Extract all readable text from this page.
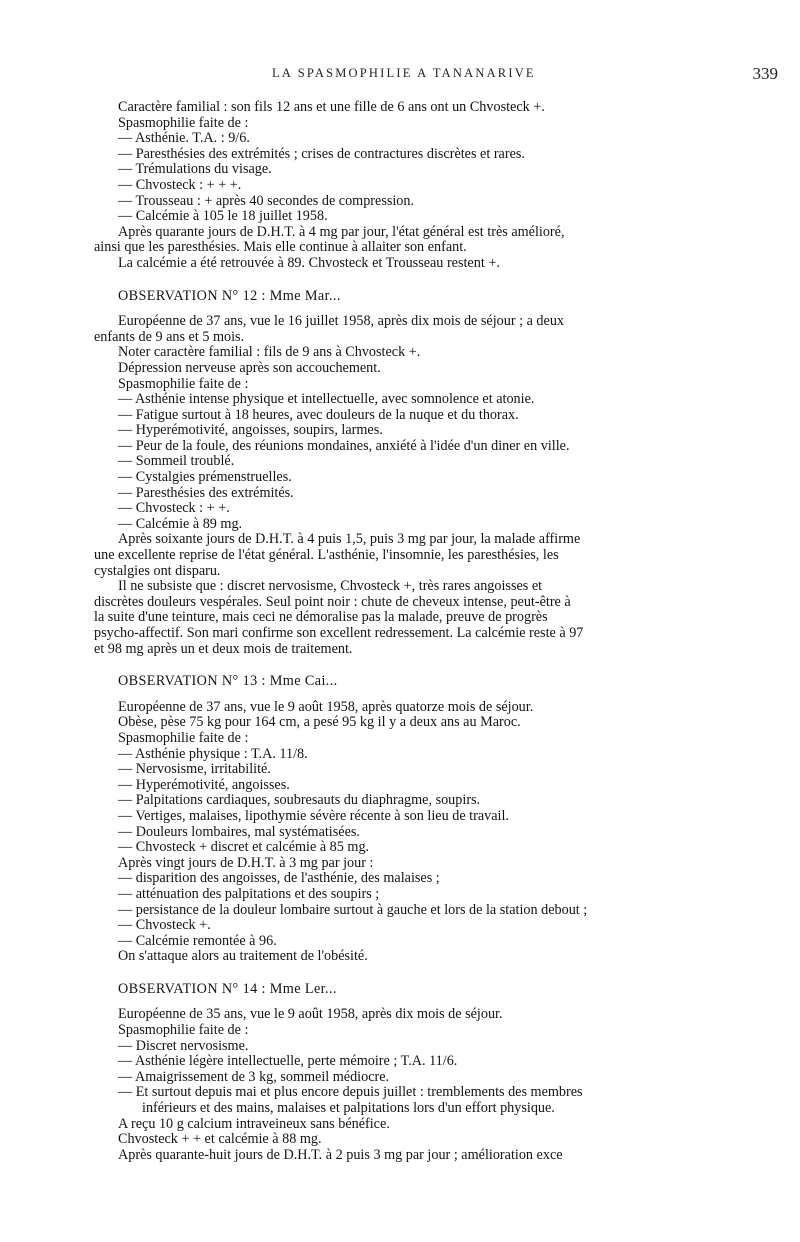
LA SPASMOPHILIE A TANANARIVE	339

Caractère familial : son fils 12 ans et une fille de 6 ans ont un Chvosteck +.

Spasmophilie faite de :

— Asthénie. T.A. : 9/6.

— Paresthésies des extrémités ; crises de contractures discrètes et rares.

— Trémulations du visage.

— Chvosteck : + + +.

— Trousseau : + après 40 secondes de compression.

— Calcémie à 105 le 18 juillet 1958.

Après quarante jours de D.H.T. à 4 mg par jour, l'état général est très amélioré,

ainsi que les paresthésies. Mais elle continue à allaiter son enfant.

La calcémie a été retrouvée à 89. Chvosteck et Trousseau restent +.

OBSERVATION N° 12 : Mme Mar...

Européenne de 37 ans, vue le 16 juillet 1958, après dix mois de séjour ; a deux

enfants de 9 ans et 5 mois.

Noter caractère familial : fils de 9 ans à Chvosteck +.

Dépression nerveuse après son accouchement.

Spasmophilie faite de :

— Asthénie intense physique et intellectuelle, avec somnolence et atonie.

— Fatigue surtout à 18 heures, avec douleurs de la nuque et du thorax.

— Hyperémotivité, angoisses, soupirs, larmes.

— Peur de la foule, des réunions mondaines, anxiété à l'idée d'un diner en ville.

— Sommeil troublé.

— Cystalgies prémenstruelles.

— Paresthésies des extrémités.

— Chvosteck : + +.

— Calcémie à 89 mg.

Après soixante jours de D.H.T. à 4 puis 1,5, puis 3 mg par jour, la malade affirme

une excellente reprise de l'état général. L'asthénie, l'insomnie, les paresthésies, les

cystalgies ont disparu.

Il ne subsiste que : discret nervosisme, Chvosteck +, très rares angoisses et

discrètes douleurs vespérales. Seul point noir : chute de cheveux intense, peut-être à

la suite d'une teinture, mais ceci ne démoralise pas la malade, preuve de progrès

psycho-affectif. Son mari confirme son excellent redressement. La calcémie reste à 97

et 98 mg après un et deux mois de traitement.

OBSERVATION N° 13 : Mme Cai...

Européenne de 37 ans, vue le 9 août 1958, après quatorze mois de séjour.

Obèse, pèse 75 kg pour 164 cm, a pesé 95 kg il y a deux ans au Maroc.

Spasmophilie faite de :

— Asthénie physique : T.A. 11/8.

— Nervosisme, irritabilité.

— Hyperémotivité, angoisses.

— Palpitations cardiaques, soubresauts du diaphragme, soupirs.

— Vertiges, malaises, lipothymie sévère récente à son lieu de travail.

— Douleurs lombaires, mal systématisées.

— Chvosteck + discret et calcémie à 85 mg.

Après vingt jours de D.H.T. à 3 mg par jour :

— disparition des angoisses, de l'asthénie, des malaises ;

— atténuation des palpitations et des soupirs ;

— persistance de la douleur lombaire surtout à gauche et lors de la station debout ;

— Chvosteck +.

— Calcémie remontée à 96.

On s'attaque alors au traitement de l'obésité.

OBSERVATION N° 14 : Mme Ler...

Européenne de 35 ans, vue le 9 août 1958, après dix mois de séjour.

Spasmophilie faite de :

— Discret nervosisme.

— Asthénie légère intellectuelle, perte mémoire ; T.A. 11/6.

— Amaigrissement de 3 kg, sommeil médiocre.

— Et surtout depuis mai et plus encore depuis juillet : tremblements des membres

inférieurs et des mains, malaises et palpitations lors d'un effort physique.

A reçu 10 g calcium intraveineux sans bénéfice.

Chvosteck + + et calcémie à 88 mg.

Après quarante-huit jours de D.H.T. à 2 puis 3 mg par jour ; amélioration exce
